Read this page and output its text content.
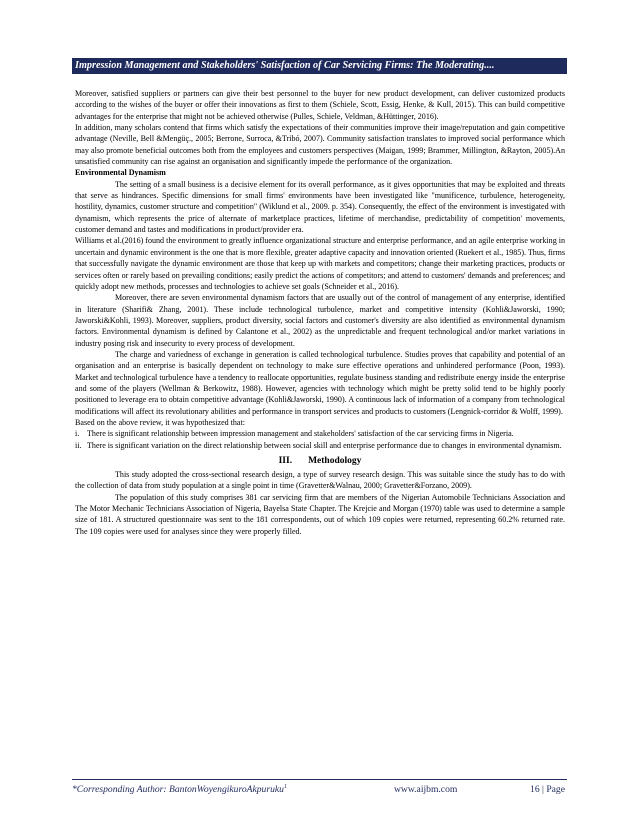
Impression Management and Stakeholders' Satisfaction of Car Servicing Firms: The Moderating....

Moreover, satisfied suppliers or partners can give their best personnel to the buyer for new product development, can deliver customized products according to the wishes of the buyer or offer their innovations as first to them (Schiele, Scott, Essig, Henke, & Kull, 2015). This can build competitive advantages for the enterprise that might not be achieved otherwise (Pulles, Schiele, Veldman, &Hüttinger, 2016).

In addition, many scholars contend that firms which satisfy the expectations of their communities improve their image/reputation and gain competitive advantage (Neville, Bell &Mengüç., 2005; Berrone, Surroca, &Tribó, 2007). Community satisfaction translates to improved social performance which may also promote beneficial outcomes both from the employees and customers perspectives (Maigan, 1999; Brammer, Millington, &Rayton, 2005).An unsatisfied community can rise against an organisation and significantly impede the performance of the organization.

Environmental Dynamism

The setting of a small business is a decisive element for its overall performance, as it gives opportunities that may be exploited and threats that serve as hindrances. Specific dimensions for small firms' environments have been investigated like "munificence, turbulence, heterogeneity, hostility, dynamics, customer structure and competition" (Wiklund et al., 2009. p. 354). Consequently, the effect of the environment is investigated with dynamism, which represents the price of alternate of marketplace practices, lifetime of merchandise, predictability of competition' movements, customer demand and tastes and modifications in product/provider era.

Williams et al.(2016) found the environment to greatly influence organizational structure and enterprise performance, and an agile enterprise working in uncertain and dynamic environment is the one that is more flexible, greater adaptive capacity and innovation oriented (Ruekert et al., 1985). Thus, firms that successfully navigate the dynamic environment are those that keep up with markets and competitors; change their marketing practices, products or services often or rarely based on prevailing conditions; easily predict the actions of competitors; and attend to customers' demands and preferences; and quickly adopt new methods, processes and technologies to achieve set goals (Schneider et al., 2016).

Moreover, there are seven environmental dynamism factors that are usually out of the control of management of any enterprise, identified in literature (Sharifi& Zhang, 2001). These include technological turbulence, market and competitive intensity (Kohli&Jaworski, 1990; Jaworski&Kohli, 1993). Moreover, suppliers, product diversity, social factors and customer's diversity are also identified as environmental dynamism factors. Environmental dynamism is defined by Calantone et al., 2002) as the unpredictable and frequent technological and/or market variations in industry posing risk and insecurity to every process of development.

The charge and variedness of exchange in generation is called technological turbulence. Studies proves that capability and potential of an organisation and an enterprise is basically dependent on technology to make sure effective operations and unhindered performance (Poon, 1993). Market and technological turbulence have a tendency to reallocate opportunities, regulate business standing and redistribute energy inside the enterprise and some of the players (Wellman & Berkowitz, 1988). However, agencies with technology which might be pretty solid tend to be highly poorly positioned to leverage era to obtain competitive advantage (Kohli&Jaworski, 1990). A continuous lack of information of a company from technological modifications will affect its revolutionary abilities and performance in transport services and products to customers (Lengnick-corridor & Wolff, 1999).

Based on the above review, it was hypothesized that:

i. There is significant relationship between impression management and stakeholders' satisfaction of the car servicing firms in Nigeria.
ii. There is significant variation on the direct relationship between social skill and enterprise performance due to changes in environmental dynamism.
III. Methodology

This study adopted the cross-sectional research design, a type of survey research design. This was suitable since the study has to do with the collection of data from study population at a single point in time (Gravetter&Walnau, 2000; Gravetter&Forzano, 2009).

The population of this study comprises 381 car servicing firm that are members of the Nigerian Automobile Technicians Association and The Motor Mechanic Technicians Association of Nigeria, Bayelsa State Chapter. The Krejcie and Morgan (1970) table was used to determine a sample size of 181. A structured questionnaire was sent to the 181 correspondents, out of which 109 copies were returned, representing 60.2% returned rate. The 109 copies were used for analyses since they were properly filled.

*Corresponding Author: BantonWoyengikuroAkpuruku$^1$	www.aijbm.com	16 | Page
